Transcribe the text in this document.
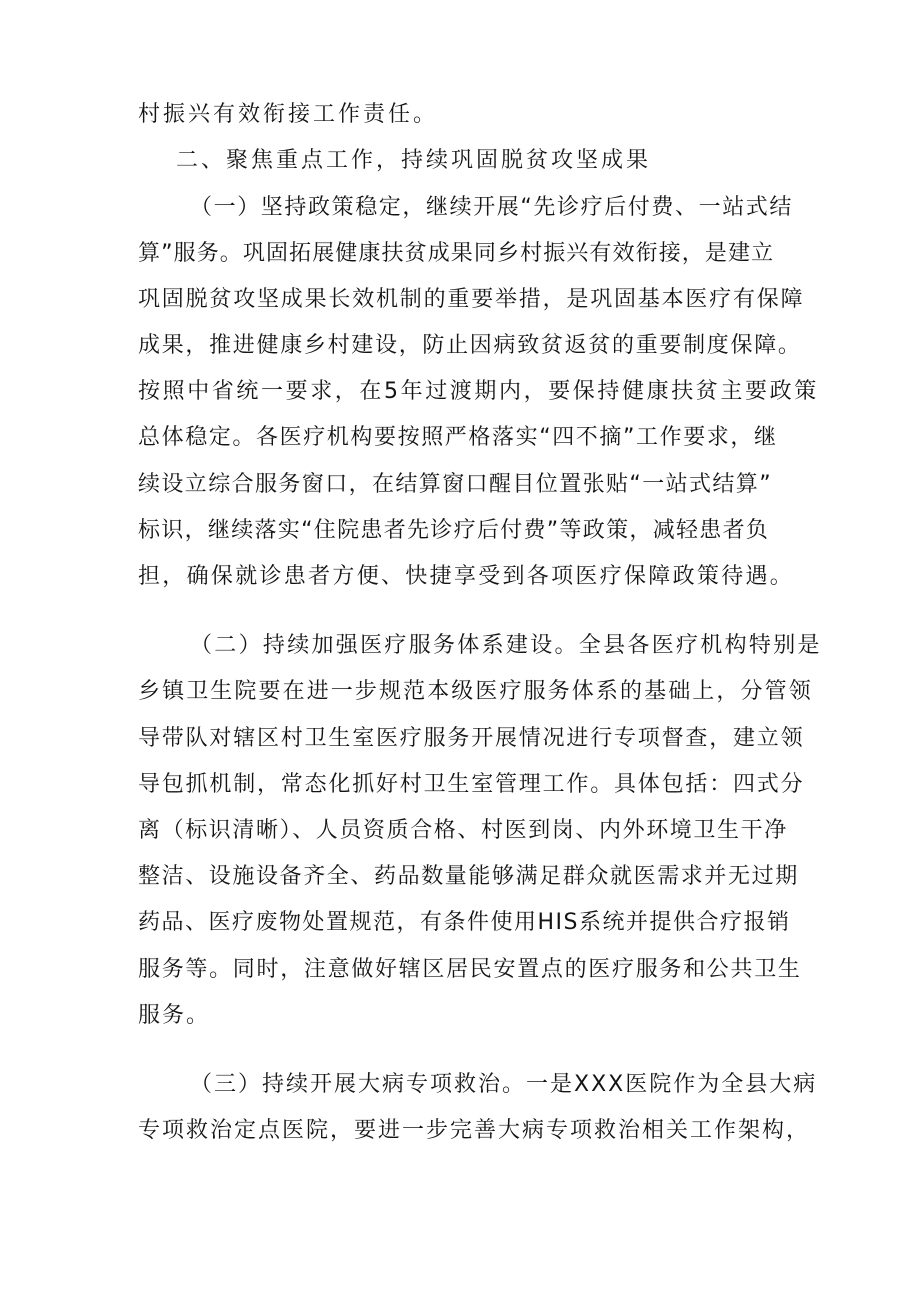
村振兴有效衔接工作责任。
二、聚焦重点工作，持续巩固脱贫攻坚成果
（一）坚持政策稳定，继续开展“先诊疗后付费、一站式结
算”服务。巩固拓展健康扶贫成果同乡村振兴有效衔接，是建立
巩固脱贫攻坚成果长效机制的重要举措，是巩固基本医疗有保障
成果，推进健康乡村建设，防止因病致贫返贫的重要制度保障。
按照中省统一要求，在5年过渡期内，要保持健康扶贫主要政策
总体稳定。各医疗机构要按照严格落实“四不摘”工作要求，继
续设立综合服务窗口，在结算窗口醒目位置张贴“一站式结算”
标识，继续落实“住院患者先诊疗后付费”等政策，减轻患者负
担，确保就诊患者方便、快捷享受到各项医疗保障政策待遇。
（二）持续加强医疗服务体系建设。全县各医疗机构特别是
乡镇卫生院要在进一步规范本级医疗服务体系的基础上，分管领
导带队对辖区村卫生室医疗服务开展情况进行专项督查，建立领
导包抓机制，常态化抓好村卫生室管理工作。具体包括：四式分
离（标识清晰）、人员资质合格、村医到岗、内外环境卫生干净
整洁、设施设备齐全、药品数量能够满足群众就医需求并无过期
药品、医疗废物处置规范，有条件使用HIS系统并提供合疗报销
服务等。同时，注意做好辖区居民安置点的医疗服务和公共卫生
服务。
（三）持续开展大病专项救治。一是XXX医院作为全县大病
专项救治定点医院，要进一步完善大病专项救治相关工作架构，
